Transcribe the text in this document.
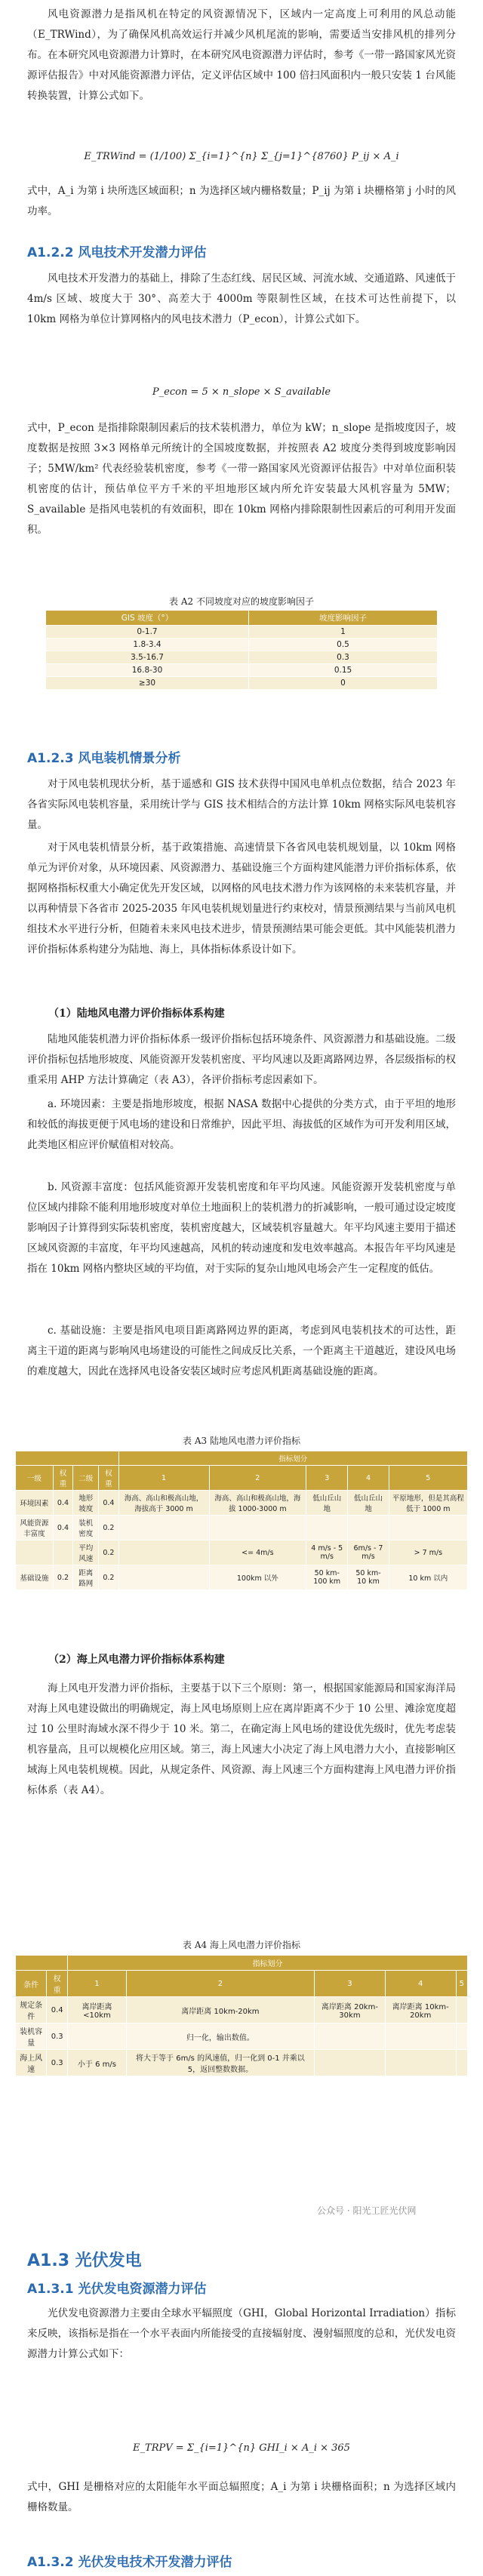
风电资源潜力是指风机在特定的风资源情况下，区域内一定高度上可利用的风总动能（E_TRWind），为了确保风机高效运行并减少风机尾流的影响，需要适当安排风机的排列分布。在本研究风电资源潜力计算时，在本研究风电资源潜力评估时，参考《一带一路国家风光资源评估报告》中对风能资源潜力评估，定义评估区域中 100 倍扫风面积内一般只安装 1 台风能转换装置，计算公式如下。
E_TRWind = (1/100) Σ_{i=1}^{n} Σ_{j=1}^{8760} P_ij × A_i
式中，A_i 为第 i 块所选区域面积；n 为选择区域内栅格数量；P_ij 为第 i 块栅格第 j 小时的风功率。
A1.2.2 风电技术开发潜力评估
风电技术开发潜力的基础上，排除了生态红线、居民区域、河流水域、交通道路、风速低于 4m/s 区域、坡度大于 30°、高差大于 4000m 等限制性区域，在技术可达性前提下，以 10km 网格为单位计算网格内的风电技术潜力（P_econ），计算公式如下。
P_econ = 5 × n_slope × S_available
式中，P_econ 是指排除限制因素后的技术装机潜力，单位为 kW；n_slope 是指坡度因子，坡度数据是按照 3×3 网格单元所统计的全国坡度数据，并按照表 A2 坡度分类得到坡度影响因子；5MW/km² 代表经验装机密度，参考《一带一路国家风光资源评估报告》中对单位面积装机密度的估计，预估单位平方千米的平坦地形区域内所允许安装最大风机容量为 5MW；S_available 是指风电装机的有效面积，即在 10km 网格内排除限制性因素后的可利用开发面积。
表 A2 不同坡度对应的坡度影响因子
GIS 坡度（°）	坡度影响因子
0-1.7	1
1.8-3.4	0.5
3.5-16.7	0.3
16.8-30	0.15
≥30	0
A1.2.3 风电装机情景分析
对于风电装机现状分析，基于遥感和 GIS 技术获得中国风电单机点位数据，结合 2023 年各省实际风电装机容量，采用统计学与 GIS 技术相结合的方法计算 10km 网格实际风电装机容量。
对于风电装机情景分析，基于政策措施、高速情景下各省风电装机规划量，以 10km 网格单元为评价对象，从环境因素、风资源潜力、基础设施三个方面构建风能潜力评价指标体系，依据网格指标权重大小确定优先开发区域，以网格的风电技术潜力作为该网格的未来装机容量，并以再种情景下各省市 2025-2035 年风电装机规划量进行约束校对，情景预测结果与当前风电机组技术水平进行分析，但随着未来风电技术进步，情景预测结果可能会更低。其中风能装机潜力评价指标体系构建分为陆地、海上，具体指标体系设计如下。
（1）陆地风电潜力评价指标体系构建
陆地风能装机潜力评价指标体系一级评价指标包括环境条件、风资源潜力和基础设施。二级评价指标包括地形坡度、风能资源开发装机密度、平均风速以及距离路网边界，各层级指标的权重采用 AHP 方法计算确定（表 A3），各评价指标考虑因素如下。
a. 环境因素：主要是指地形坡度，根据 NASA 数据中心提供的分类方式，由于平坦的地形和较低的海拔更便于风电场的建设和日常维护，因此平坦、海拔低的区域作为可开发利用区域，此类地区相应评价赋值相对较高。
b. 风资源丰富度：包括风能资源开发装机密度和年平均风速。风能资源开发装机密度与单位区域内排除不能利用地形坡度对单位土地面积上的装机潜力的折减影响，一般可通过设定坡度影响因子计算得到实际装机密度，装机密度越大，区域装机容量越大。年平均风速主要用于描述区域风资源的丰富度，年平均风速越高，风机的转动速度和发电效率越高。本报告年平均风速是指在 10km 网格内整块区域的平均值，对于实际的复杂山地风电场会产生一定程度的低估。
c. 基础设施：主要是指风电项目距离路网边界的距离，考虑到风电装机技术的可达性，距离主干道的距离与影响风电场建设的可能性之间成反比关系，一个距离主干道越近，建设风电场的难度越大，因此在选择风电设备安装区域时应考虑风机距离基础设施的距离。
表 A3 陆地风电潜力评价指标
				指标划分				
一级	权重	二级	权重	1	2	3	4	5
环境因素	0.4	地形坡度	0.4	海高、高山和极高山地，海拔高于 3000 m	海高、高山和极高山地，海拔 1000-3000 m	低山丘山地	低山丘山地	平原地形，但是其高程低于 1000 m
风能资源丰富度	0.4	装机密度	0.2					
		平均风速	0.2		<= 4m/s	4 m/s - 5 m/s	6m/s - 7 m/s	> 7 m/s
基础设施	0.2	距离路网	0.2		100km 以外	50 km-100 km	50 km-10 km	10 km 以内
（2）海上风电潜力评价指标体系构建
海上风电开发潜力评价指标，主要基于以下三个原则：第一，根据国家能源局和国家海洋局对海上风电建设做出的明确规定，海上风电场原则上应在离岸距离不少于 10 公里、滩涂宽度超过 10 公里时海域水深不得少于 10 米。第二，在确定海上风电场的建设优先级时，优先考虑装机容量高，且可以规模化应用区域。第三，海上风速大小决定了海上风电潜力大小，直接影响区域海上风电装机规模。因此，从规定条件、风资源、海上风速三个方面构建海上风电潜力评价指标体系（表 A4）。
表 A4 海上风电潜力评价指标
		指标划分				
条件	权重	1	2	3	4	5
规定条件	0.4	离岸距离 <10km	离岸距离 10km-20km	离岸距离 20km-30km	离岸距离 10km-20km	
装机容量	0.3		归一化，输出数值。			
海上风速	0.3	小于 6 m/s	将大于等于 6m/s 的风速值，归一化到 0-1 并乘以 5，返回整数数据。			
公众号 · 阳光工匠光伏网
A1.3 光伏发电
A1.3.1 光伏发电资源潜力评估
光伏发电资源潜力主要由全球水平辐照度（GHI，Global Horizontal Irradiation）指标来反映，该指标是指在一个水平表面内所能接受的直接辐射度、漫射辐照度的总和，光伏发电资源潜力计算公式如下：
E_TRPV = Σ_{i=1}^{n} GHI_i × A_i × 365
式中，GHI 是栅格对应的太阳能年水平面总辐照度；A_i 为第 i 块栅格面积；n 为选择区域内栅格数量。
A1.3.2 光伏发电技术开发潜力评估
